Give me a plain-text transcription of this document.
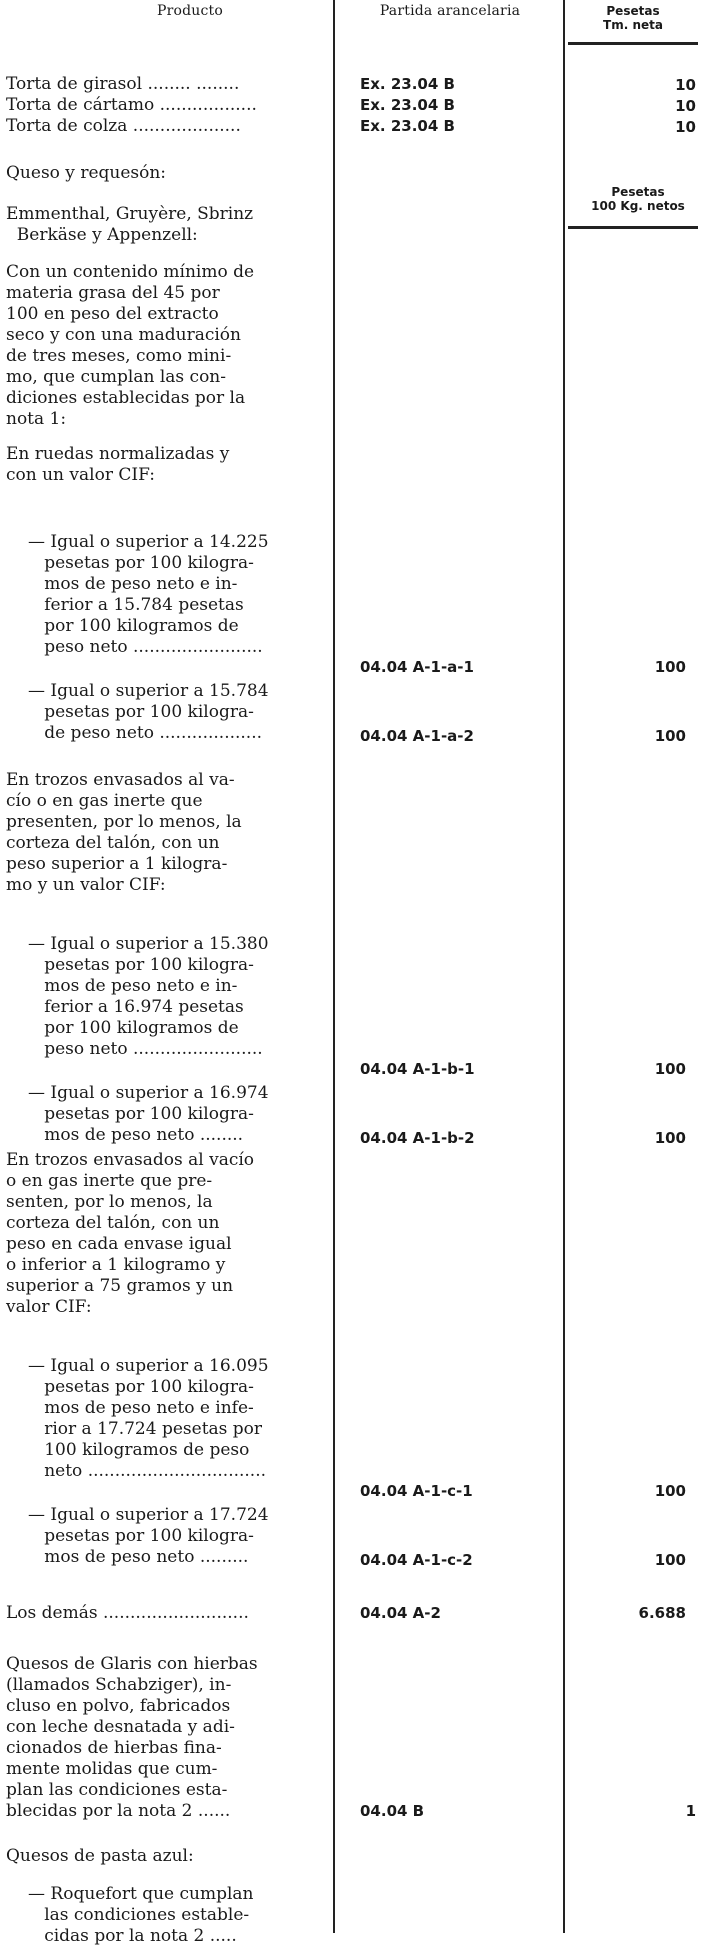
Producto	Partida arancelaria	Pesetas
Tm. neta
Pesetas
100 Kg. netos
Torta de girasol ........ ........	Ex. 23.04 B	10
Torta de cártamo ..................	Ex. 23.04 B	10
Torta de colza ....................	Ex. 23.04 B	10
Queso y requesón:
Emmenthal, Gruyère, Sbrinz
Berkäse y Appenzell:
Con un contenido mínimo de
materia grasa del 45 por
100 en peso del extracto
seco y con una maduración
de tres meses, como mini-
mo, que cumplan las con-
diciones establecidas por la
nota 1:
En ruedas normalizadas y
con un valor CIF:
— Igual o superior a 14.225
pesetas por 100 kilogra-
mos de peso neto e in-
ferior a 15.784 pesetas
por 100 kilogramos de
peso neto ........................
04.04 A-1-a-1	100
— Igual o superior a 15.784
pesetas por 100 kilogra-
de peso neto ...................	04.04 A-1-a-2	100
En trozos envasados al va-
cío o en gas inerte que
presenten, por lo menos, la
corteza del talón, con un
peso superior a 1 kilogra-
mo y un valor CIF:
— Igual o superior a 15.380
pesetas por 100 kilogra-
mos de peso neto e in-
ferior a 16.974 pesetas
por 100 kilogramos de
peso neto ........................
04.04 A-1-b-1	100
— Igual o superior a 16.974
pesetas por 100 kilogra-
mos de peso neto ........	04.04 A-1-b-2	100
En trozos envasados al vacío
o en gas inerte que pre-
senten, por lo menos, la
corteza del talón, con un
peso en cada envase igual
o inferior a 1 kilogramo y
superior a 75 gramos y un
valor CIF:
— Igual o superior a 16.095
pesetas por 100 kilogra-
mos de peso neto e infe-
rior a 17.724 pesetas por
100 kilogramos de peso
neto .................................
04.04 A-1-c-1	100
— Igual o superior a 17.724
pesetas por 100 kilogra-
mos de peso neto .........	04.04 A-1-c-2	100
Los demás ...........................	04.04 A-2	6.688
Quesos de Glaris con hierbas
(llamados Schabziger), in-
cluso en polvo, fabricados
con leche desnatada y adi-
cionados de hierbas fina-
mente molidas que cum-
plan las condiciones esta-
blecidas por la nota 2 ......	04.04 B	1
Quesos de pasta azul:
— Roquefort que cumplan
las condiciones estable-
cidas por la nota 2 .....
